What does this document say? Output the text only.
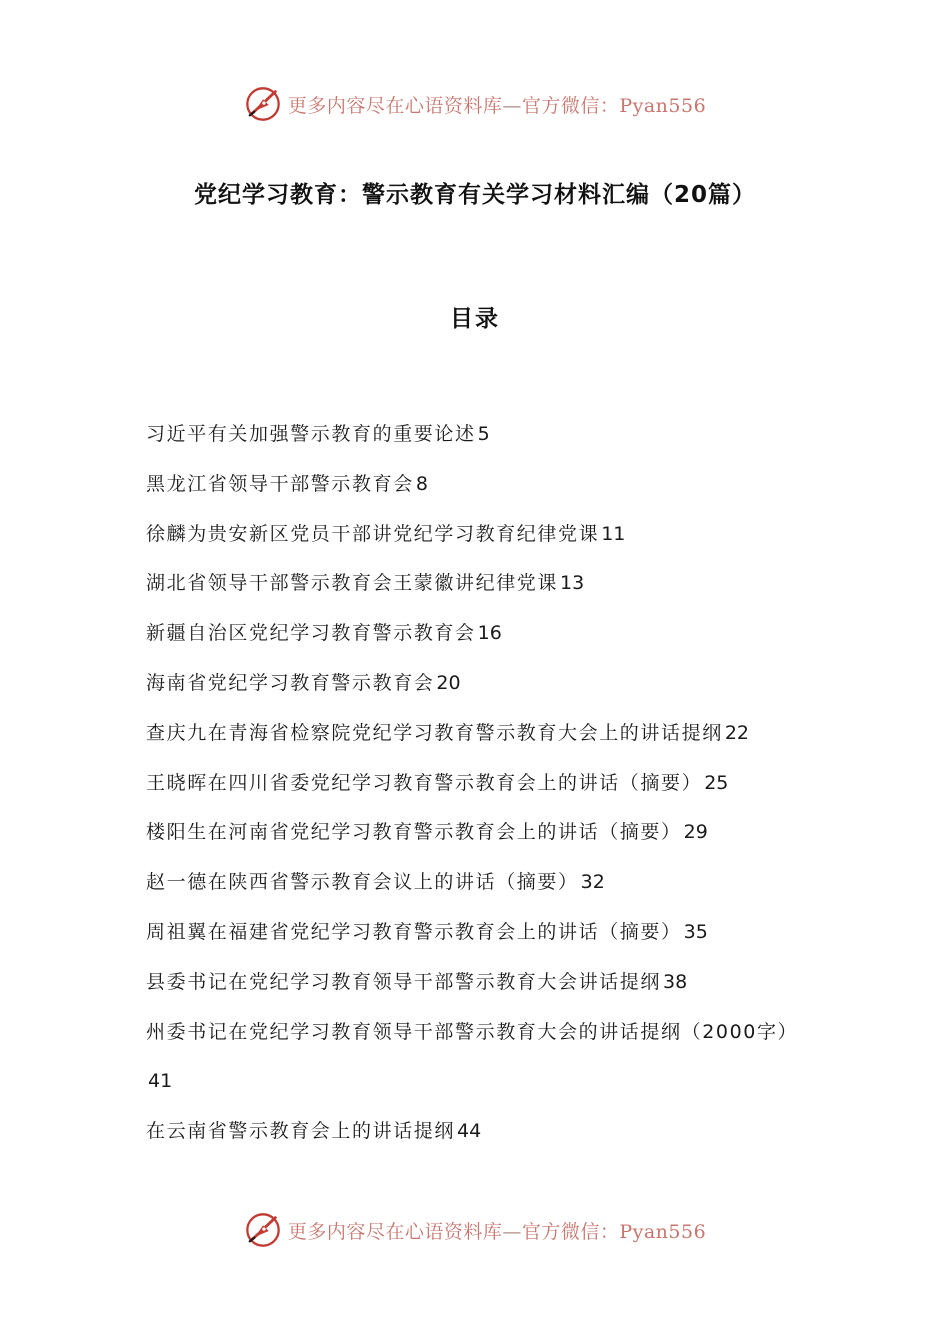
更多内容尽在心语资料库—官方微信：Pyan556
党纪学习教育：警示教育有关学习材料汇编（20篇）
目录
习近平有关加强警示教育的重要论述 5
黑龙江省领导干部警示教育会 8
徐麟为贵安新区党员干部讲党纪学习教育纪律党课 11
湖北省领导干部警示教育会王蒙徽讲纪律党课 13
新疆自治区党纪学习教育警示教育会 16
海南省党纪学习教育警示教育会 20
查庆九在青海省检察院党纪学习教育警示教育大会上的讲话提纲 22
王晓晖在四川省委党纪学习教育警示教育会上的讲话（摘要） 25
楼阳生在河南省党纪学习教育警示教育会上的讲话（摘要） 29
赵一德在陕西省警示教育会议上的讲话（摘要） 32
周祖翼在福建省党纪学习教育警示教育会上的讲话（摘要） 35
县委书记在党纪学习教育领导干部警示教育大会讲话提纲 38
州委书记在党纪学习教育领导干部警示教育大会的讲话提纲（2000字）41
在云南省警示教育会上的讲话提纲 44
更多内容尽在心语资料库—官方微信：Pyan556
